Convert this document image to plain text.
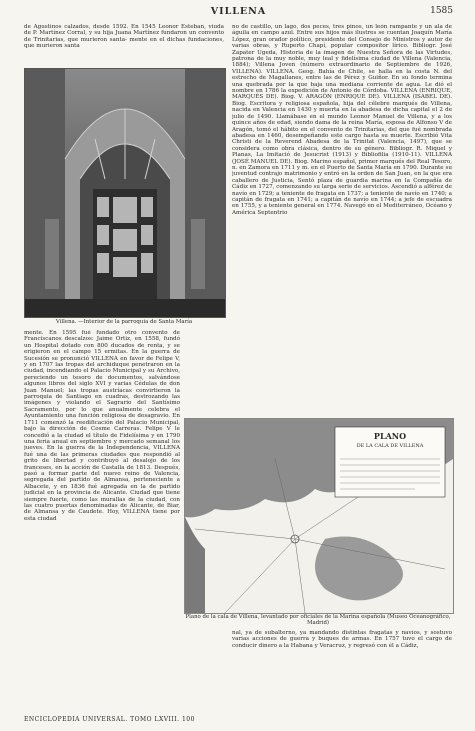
VILLENA	1585

de Agustinos calzados, desde 1592. En 1545 Leonor Esteban, viuda de P. Martínez Corral, y su hija Juana Martínez fundaron un convento de Trinitarias, que murieron santa- mente en el dichas fundaciones, que murieron santa

Villena. —Interior de la parroquia de Santa María

mente. En 1595 fué fundado otro convento de Franciscanos descalzos: Jaime Ortiz, en 1558, fundó un Hospital dotado con 800 ducados de renta, y se erigieron en el campo 15 ermitas. En la guerra de Sucesión se pronunció VILLENA en favor de Felipe V, y en 1707 las tropas del archiduque penetraron en la ciudad, incendiando el Palacio Municipal y su Archivo, pereciendo un tesoro de documentos, salvándose algunos libros del siglo XVI y varias Cédulas de don Juan Manuel; las tropas austríacas convirtieron la parroquia de Santiago en cuadras, destrozando las imágenes y violando el Sagrario del Santísimo Sacramento, por lo que anualmente celebra el Ayuntamiento una función religiosa de desagravio. En 1711 comenzó la reedificación del Palacio Municipal, bajo la dirección de Cosme Carreras. Felipe V le concedió a la ciudad el título de Fidelísima y en 1790 una feria anual en septiembre y mercado semanal los jueves. En la guerra de la Independencia, VILLENA fué una de las primeras ciudades que respondió al grito de libertad y contribuyó al desalojo de los franceses, en la acción de Castalla de 1813. Después, pasó a formar parte del nuevo reino de Valencia, segregada del partido de Almansa, perteneciente a Albacete, y en 1836 fué agregada en la de partido judicial en la provincia de Alicante. Ciudad que tiene siempre fuerte, como las murallas de la ciudad, con las cuatro puertas denominadas de Alicante, de Biar, de Almansa y de Caudete. Hoy, VILLENA tiene por esta ciudad

no de castillo, un lago, dos peces, tres pinos, un león rampante y un ala de águila en campo azul. Entre sus hijos más ilustres se cuentan Joaquín María López, gran orador político, presidente del Consejo de Ministros y autor de varias obras, y Ruperto Chapí, popular compositor lírico. Bibliogr. José Zapater Ugeda, Historia de la imagen de Nuestra Señora de las Virtudes, patrona de la muy noble, muy leal y fidelísima ciudad de Villena (Valencia, 1884); Villena Joven (número extraordinario de Septiembre de 1926, VILLENA). VILLENA. Geog. Bahía de Chile, se halla en la costa N. del estrecho de Magallanes, entre las de Pérez y Guiñor. En su fondo termina una quebrada por la que baja una mediana corriente de agua. Le dió el nombre en 1786 la expedición de Antonio de Córdoba. VILLENA (ENRIQUE, MARQUÉS DE). Biog. V. ARAGÓN (ENRIQUE DE). VILLENA (ISABEL DE). Biog. Escritora y religiosa española, hija del célebre marqués de Villena, nacida en Valencia en 1430 y muerta en la abadesa de dicha capital el 2 de julio de 1490. Llamábase en el mundo Leonor Manuel de Villena, y a los quince años de edad, siendo dama de la reina María, esposa de Alfonso V de Aragón, tomó el hábito en el convento de Trinitarias, del que fué nombrada abadesa en 1460, desempeñando este cargo hasta su muerte. Escribió Vita Christi de la Reverend Abadesa de la Trinitat (Valencia, 1497), que se considera como obra clásica, dentro de su género. Bibliogr. R. Miquel y Planas, La Imitació de Jesucrist (1913) y Bibliofilia (1910-11). VILLENA (JOSÉ MANUEL DE). Biog. Marino español, primer marqués del Real Tesoro, n. en Zamora en 1711 y m. en el Puerto de Santa María en 1790. Durante su juventud contrajo matrimonio y entró en la orden de San Juan, en la que era caballero de Justicia, Sentó plaza de guardia marina en la Compañía de Cádiz en 1727, comenzando su larga serie de servicios. Ascendió a alférez de navío en 1729; a teniente de fragata en 1737; a teniente de navío en 1740; a capitán de fragata en 1741; a capitán de navío en 1744; a jefe de escuadra en 1755, y a teniente general en 1774. Navegó en el Mediterráneo, Océano y América Septentrio

PLANO
DE LA CALA DE VILLENA
Plano de la cala de Villena, levantado por oficiales de la Marina española (Museo Oceanográfico, Madrid)

nal, ya de subalterno, ya mandando distintas fragatas y navíos, y sostuvo varias acciones de guerra y buques de armas. En 1757 tuvo el cargo de conducir dinero a la Habana y Veracruz, y regresó con él a Cádiz,

ENCICLOPEDIA UNIVERSAL. TOMO LXVIII. 100
